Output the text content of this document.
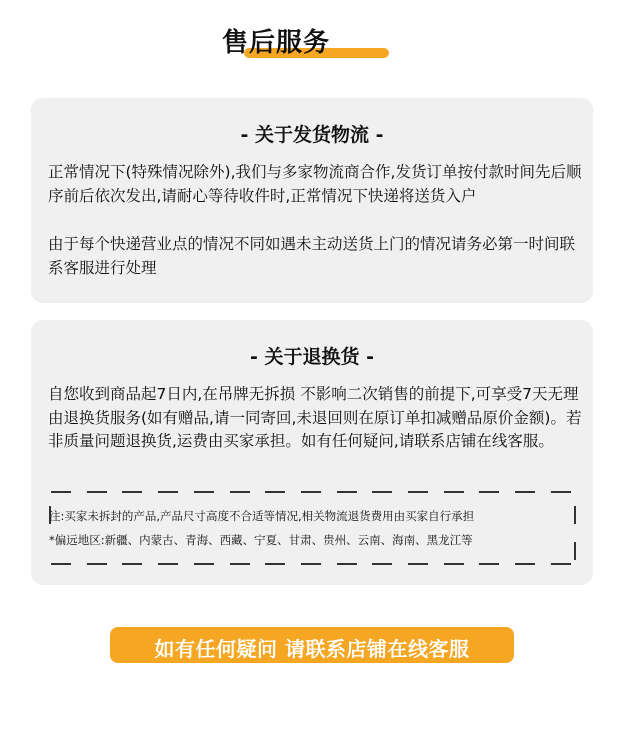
售后服务
- 关于发货物流 -
正常情况下(特殊情况除外),我们与多家物流商合作,发货订单按付款时间先后顺序前后依次发出,请耐心等待收件时,正常情况下快递将送货入户
由于每个快递营业点的情况不同如遇未主动送货上门的情况请务必第一时间联系客服进行处理
- 关于退换货 -
自您收到商品起7日内,在吊牌无拆损 不影响二次销售的前提下,可享受7天无理由退换货服务(如有赠品,请一同寄回,未退回则在原订单扣减赠品原价金额)。若非质量问题退换货,运费由买家承担。如有任何疑问,请联系店铺在线客服。
注:买家未拆封的产品,产品尺寸高度不合适等情况,相关物流退货费用由买家自行承担
*偏远地区:新疆、内蒙古、青海、西藏、宁夏、甘肃、贵州、云南、海南、黑龙江等
如有任何疑问 请联系店铺在线客服
